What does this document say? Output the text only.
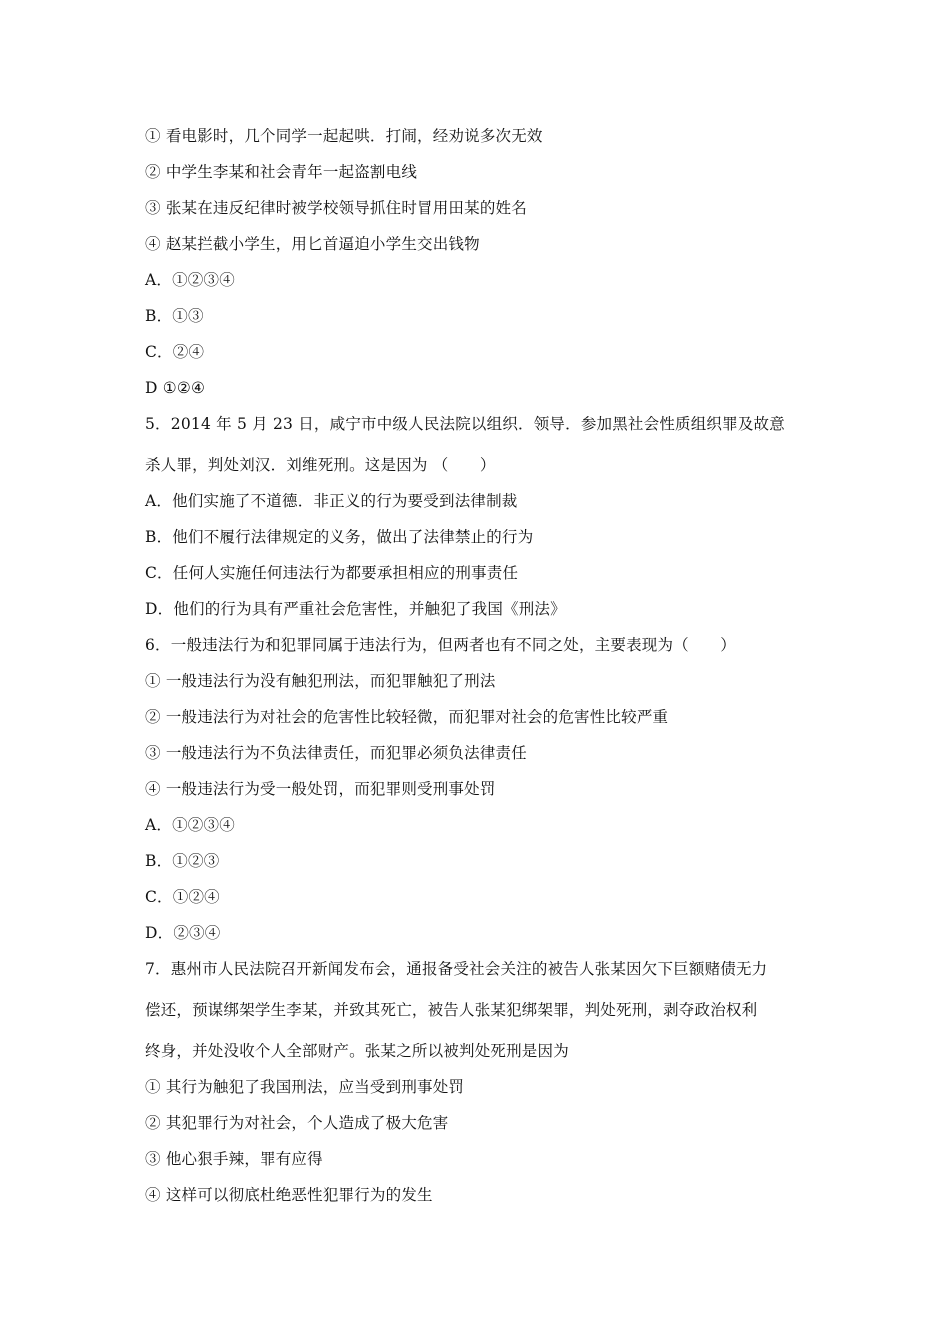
① 看电影时，几个同学一起起哄．打闹，经劝说多次无效
② 中学生李某和社会青年一起盗割电线
③ 张某在违反纪律时被学校领导抓住时冒用田某的姓名
④ 赵某拦截小学生，用匕首逼迫小学生交出钱物
A．①②③④
B．①③
C．②④
D ①②④
5．2014 年 5 月 23 日，咸宁市中级人民法院以组织．领导．参加黑社会性质组织罪及故意
杀人罪，判处刘汉．刘维死刑。这是因为 （　　）
A．他们实施了不道德．非正义的行为要受到法律制裁
B．他们不履行法律规定的义务，做出了法律禁止的行为
C．任何人实施任何违法行为都要承担相应的刑事责任
D．他们的行为具有严重社会危害性，并触犯了我国《刑法》
6．一般违法行为和犯罪同属于违法行为，但两者也有不同之处，主要表现为（　　）
① 一般违法行为没有触犯刑法，而犯罪触犯了刑法
② 一般违法行为对社会的危害性比较轻微，而犯罪对社会的危害性比较严重
③ 一般违法行为不负法律责任，而犯罪必须负法律责任
④ 一般违法行为受一般处罚，而犯罪则受刑事处罚
A．①②③④
B．①②③
C．①②④
D．②③④
7．惠州市人民法院召开新闻发布会，通报备受社会关注的被告人张某因欠下巨额赌债无力
偿还，预谋绑架学生李某，并致其死亡，被告人张某犯绑架罪，判处死刑，剥夺政治权利
终身，并处没收个人全部财产。张某之所以被判处死刑是因为
① 其行为触犯了我国刑法，应当受到刑事处罚
② 其犯罪行为对社会，个人造成了极大危害
③ 他心狠手辣，罪有应得
④ 这样可以彻底杜绝恶性犯罪行为的发生
